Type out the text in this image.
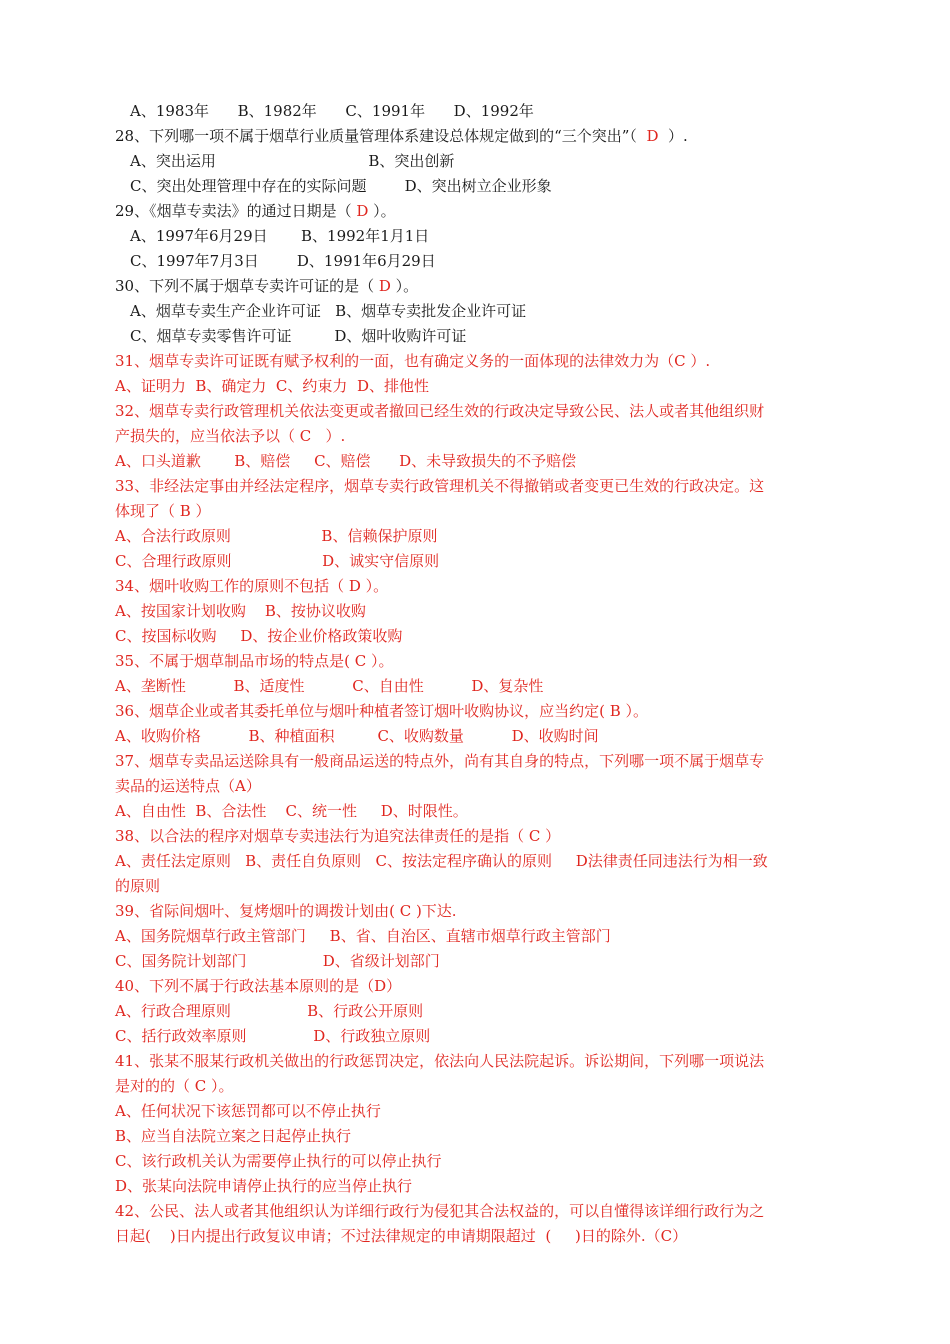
A、1983年      B、1982年      C、1991年      D、1992年
28、下列哪一项不属于烟草行业质量管理体系建设总体规定做到的“三个突出”（  D  ）.
A、突出运用                                B、突出创新
C、突出处理管理中存在的实际问题        D、突出树立企业形象
29、《烟草专卖法》的通过日期是（ D ）。
A、1997年6月29日       B、1992年1月1日
C、1997年7月3日        D、1991年6月29日
30、下列不属于烟草专卖许可证的是（ D ）。
A、烟草专卖生产企业许可证   B、烟草专卖批发企业许可证
C、烟草专卖零售许可证         D、烟叶收购许可证
31、烟草专卖许可证既有赋予权利的一面，也有确定义务的一面体现的法律效力为（C ）.
A、证明力  B、确定力  C、约束力  D、排他性
32、烟草专卖行政管理机关依法变更或者撤回已经生效的行政决定导致公民、法人或者其他组织财
产损失的，应当依法予以（ C   ）.
A、口头道歉       B、赔偿     C、赔偿      D、未导致损失的不予赔偿
33、非经法定事由并经法定程序，烟草专卖行政管理机关不得撤销或者变更已生效的行政决定。这
体现了（ B ）
A、合法行政原则                   B、信赖保护原则
C、合理行政原则                   D、诚实守信原则
34、烟叶收购工作的原则不包括（ D ）。
A、按国家计划收购    B、按协议收购
C、按国标收购     D、按企业价格政策收购
35、不属于烟草制品市场的特点是( C ）。
A、垄断性          B、适度性          C、自由性          D、复杂性
36、烟草企业或者其委托单位与烟叶种植者签订烟叶收购协议，应当约定( B ）。
A、收购价格          B、种植面积         C、收购数量          D、收购时间
37、烟草专卖品运送除具有一般商品运送的特点外，尚有其自身的特点，下列哪一项不属于烟草专
卖品的运送特点（A）
A、自由性  B、合法性    C、统一性     D、时限性。
38、以合法的程序对烟草专卖违法行为追究法律责任的是指（ C ）
A、责任法定原则   B、责任自负原则   C、按法定程序确认的原则     D法律责任同违法行为相一致
的原则
39、省际间烟叶、复烤烟叶的调拨计划由( C )下达.
A、国务院烟草行政主管部门     B、省、自治区、直辖市烟草行政主管部门
C、国务院计划部门                D、省级计划部门
40、下列不属于行政法基本原则的是（D）
A、行政合理原则                B、行政公开原则
C、括行政效率原则              D、行政独立原则
41、张某不服某行政机关做出的行政惩罚决定，依法向人民法院起诉。诉讼期间，下列哪一项说法
是对的的（ C ）。
A、任何状况下该惩罚都可以不停止执行
B、应当自法院立案之日起停止执行
C、该行政机关认为需要停止执行的可以停止执行
D、张某向法院申请停止执行的应当停止执行
42、公民、法人或者其他组织认为详细行政行为侵犯其合法权益的，可以自懂得该详细行政行为之
日起(    )日内提出行政复议申请；不过法律规定的申请期限超过  (     )日的除外.（C）
